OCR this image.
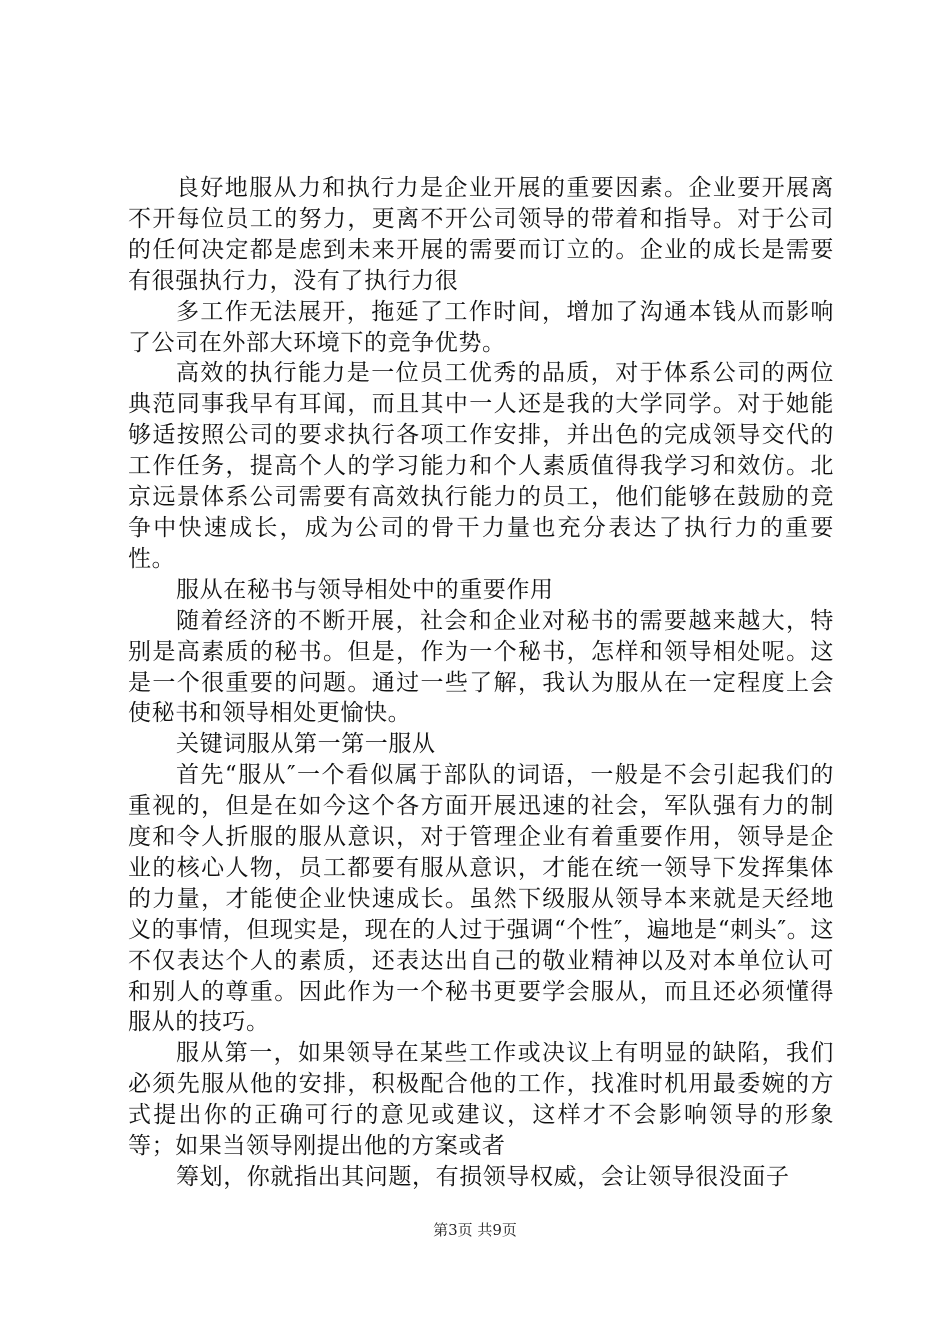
良好地服从力和执行力是企业开展的重要因素。企业要开展离不开每位员工的努力，更离不开公司领导的带着和指导。对于公司的任何决定都是虑到未来开展的需要而订立的。企业的成长是需要有很强执行力，没有了执行力很

多工作无法展开，拖延了工作时间，增加了沟通本钱从而影响了公司在外部大环境下的竞争优势。

高效的执行能力是一位员工优秀的品质，对于体系公司的两位典范同事我早有耳闻，而且其中一人还是我的大学同学。对于她能够适按照公司的要求执行各项工作安排，并出色的完成领导交代的工作任务，提高个人的学习能力和个人素质值得我学习和效仿。北京远景体系公司需要有高效执行能力的员工，他们能够在鼓励的竞争中快速成长，成为公司的骨干力量也充分表达了执行力的重要性。

服从在秘书与领导相处中的重要作用

随着经济的不断开展，社会和企业对秘书的需要越来越大，特别是高素质的秘书。但是，作为一个秘书，怎样和领导相处呢。这是一个很重要的问题。通过一些了解，我认为服从在一定程度上会使秘书和领导相处更愉快。

关键词服从第一第一服从

首先“服从″一个看似属于部队的词语，一般是不会引起我们的重视的，但是在如今这个各方面开展迅速的社会，军队强有力的制度和令人折服的服从意识，对于管理企业有着重要作用，领导是企业的核心人物，员工都要有服从意识，才能在统一领导下发挥集体的力量，才能使企业快速成长。虽然下级服从领导本来就是天经地义的事情，但现实是，现在的人过于强调“个性″，遍地是“刺头″。这不仅表达个人的素质，还表达出自己的敬业精神以及对本单位认可和别人的尊重。因此作为一个秘书更要学会服从，而且还必须懂得服从的技巧。

服从第一，如果领导在某些工作或决议上有明显的缺陷，我们必须先服从他的安排，积极配合他的工作，找准时机用最委婉的方式提出你的正确可行的意见或建议，这样才不会影响领导的形象等；如果当领导刚提出他的方案或者

筹划，你就指出其问题，有损领导权威，会让领导很没面子

第3页 共9页
